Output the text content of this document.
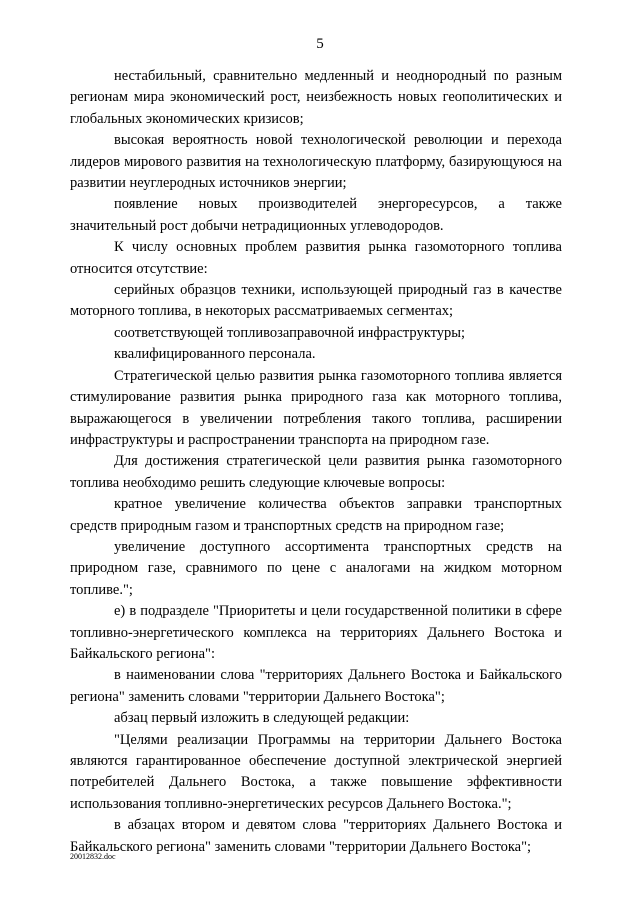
5

нестабильный, сравнительно медленный и неоднородный по разным регионам мира экономический рост, неизбежность новых геополитических и глобальных экономических кризисов;

высокая вероятность новой технологической революции и перехода лидеров мирового развития на технологическую платформу, базирующуюся на развитии неуглеродных источников энергии;

появление новых производителей энергоресурсов, а также значительный рост добычи нетрадиционных углеводородов.

К числу основных проблем развития рынка газомоторного топлива относится отсутствие:

серийных образцов техники, использующей природный газ в качестве моторного топлива, в некоторых рассматриваемых сегментах;

соответствующей топливозаправочной инфраструктуры;

квалифицированного персонала.

Стратегической целью развития рынка газомоторного топлива является стимулирование развития рынка природного газа как моторного топлива, выражающегося в увеличении потребления такого топлива, расширении инфраструктуры и распространении транспорта на природном газе.

Для достижения стратегической цели развития рынка газомоторного топлива необходимо решить следующие ключевые вопросы:

кратное увеличение количества объектов заправки транспортных средств природным газом и транспортных средств на природном газе;

увеличение доступного ассортимента транспортных средств на природном газе, сравнимого по цене с аналогами на жидком моторном топливе.";

е) в подразделе "Приоритеты и цели государственной политики в сфере топливно-энергетического комплекса на территориях Дальнего Востока и Байкальского региона":

в наименовании слова "территориях Дальнего Востока и Байкальского региона" заменить словами "территории Дальнего Востока";

абзац первый изложить в следующей редакции:

"Целями реализации Программы на территории Дальнего Востока являются гарантированное обеспечение доступной электрической энергией потребителей Дальнего Востока, а также повышение эффективности использования топливно-энергетических ресурсов Дальнего Востока.";

в абзацах втором и девятом слова "территориях Дальнего Востока и Байкальского региона" заменить словами "территории Дальнего Востока";

20012832.doc
